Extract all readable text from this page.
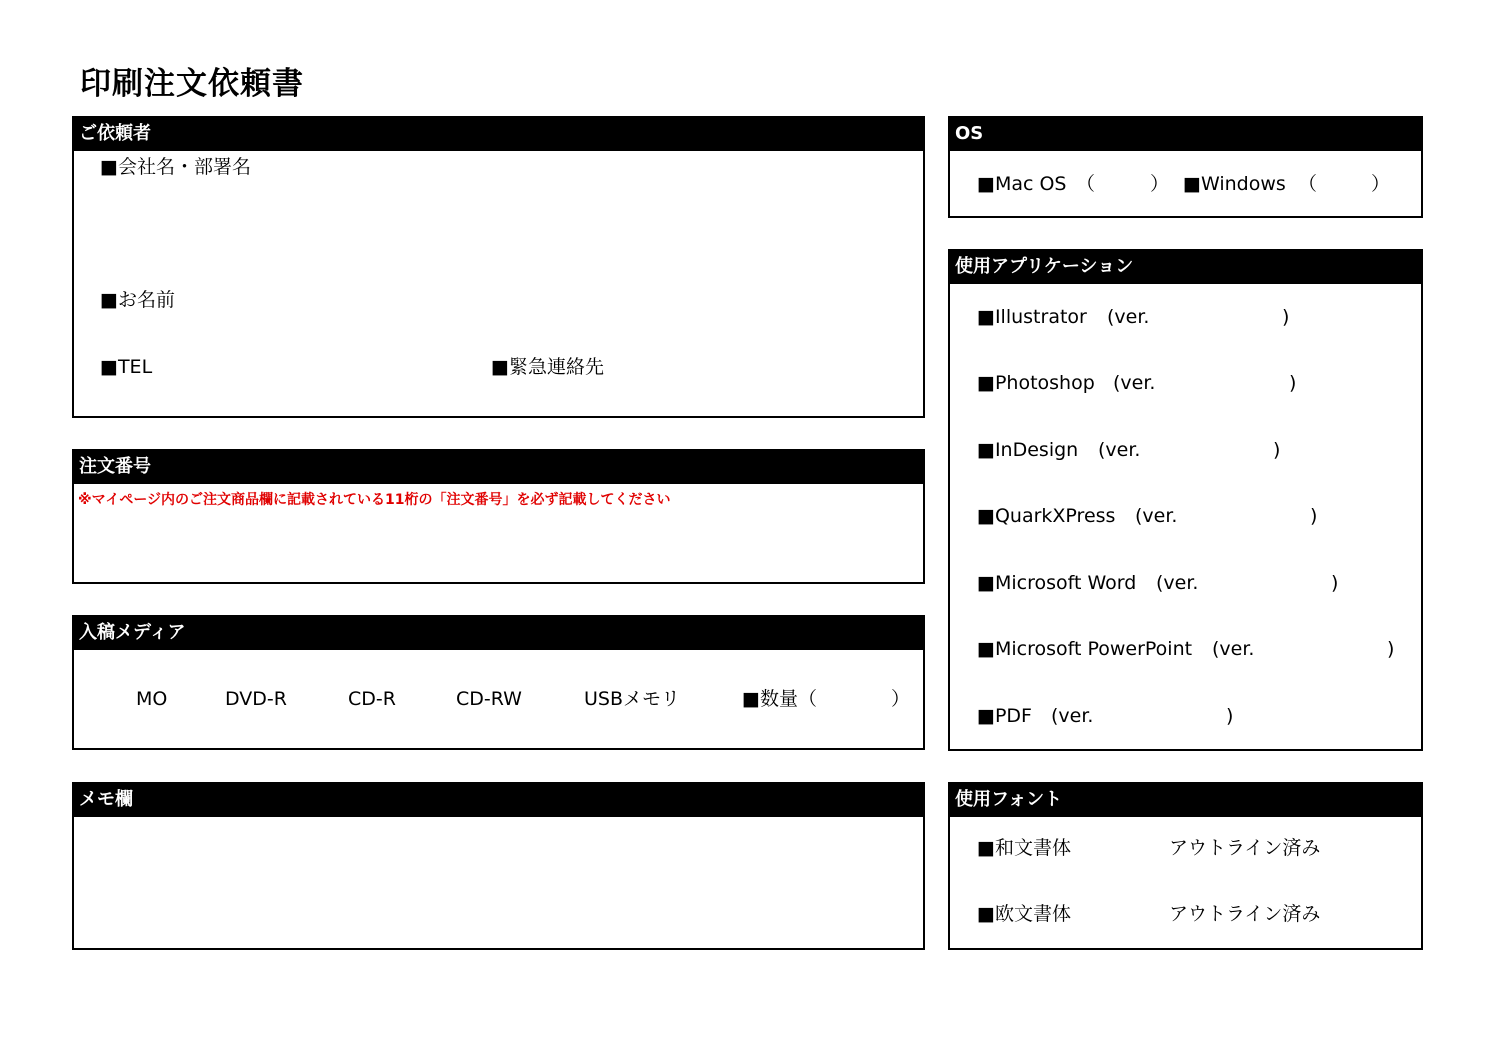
印刷注文依頼書
ご依頼者
■会社名・部署名
■お名前
■TEL	■緊急連絡先
注文番号
※マイページ内のご注文商品欄に記載されている11桁の「注文番号」を必ず記載してください
入稿メディア
MO	DVD-R	CD-R	CD-RW	USBメモリ	■数量（	）
メモ欄
OS
■Mac OS （	） ■Windows （	）
使用アプリケーション
■Illustrator (ver.	)
■Photoshop (ver.	)
■InDesign (ver.	)
■QuarkXPress (ver.	)
■Microsoft Word (ver.	)
■Microsoft PowerPoint (ver.	)
■PDF (ver.	)
使用フォント
■和文書体	アウトライン済み
■欧文書体	アウトライン済み
